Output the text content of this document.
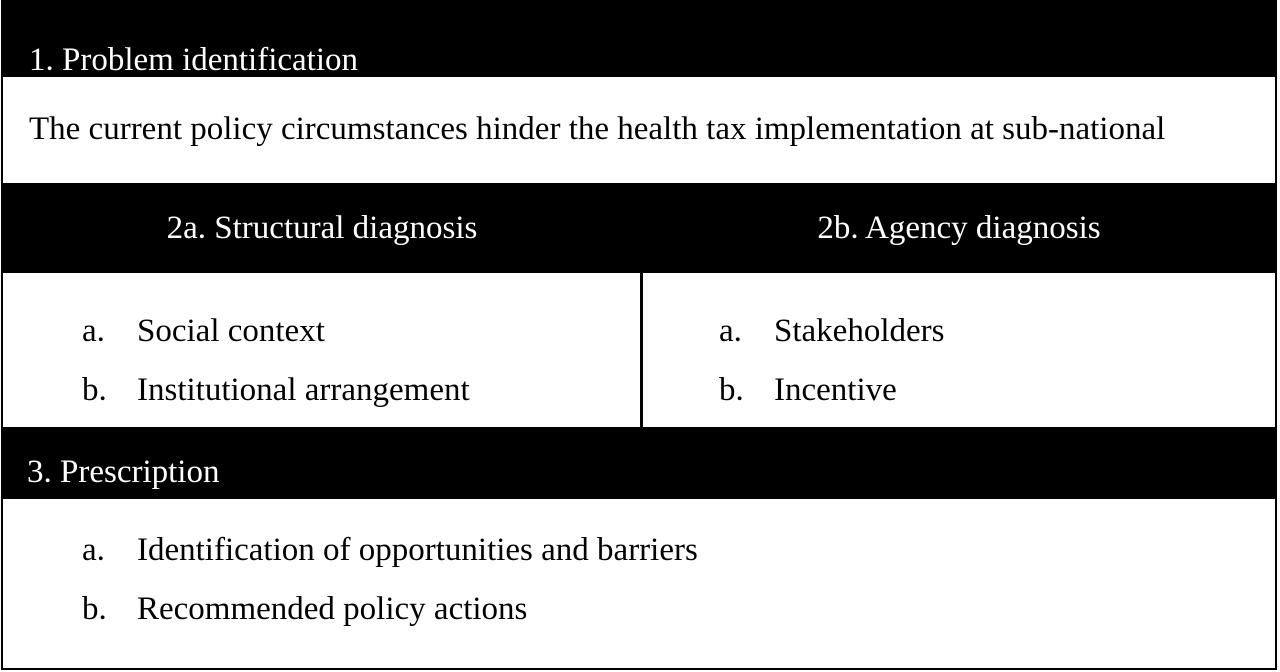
1. Problem identification
The current policy circumstances hinder the health tax implementation at sub-national
2a. Structural diagnosis	2b. Agency diagnosis
a. Social context
b. Institutional arrangement
a. Stakeholders
b. Incentive
3. Prescription
a. Identification of opportunities and barriers
b. Recommended policy actions
